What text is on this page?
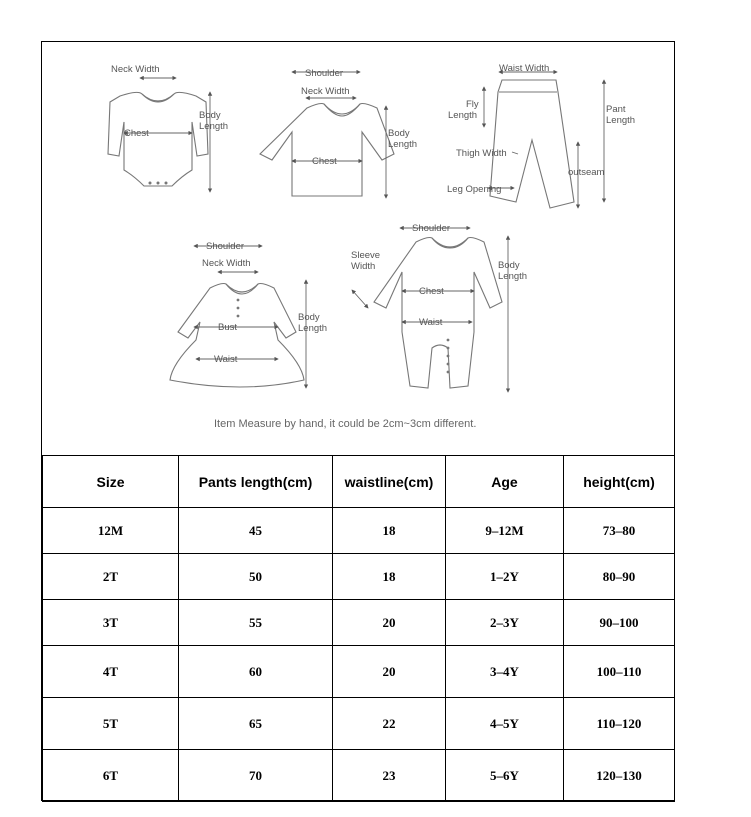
Neck Width
Chest
Body
Length
Shoulder
Neck Width
Chest
Body
Length
Waist Width
Fly
Length
Pant
Length
Thigh Width
outseam
Leg Opening
Shoulder
Neck Width
Bust
Waist
Body
Length
Shoulder
Sleeve
Width
Chest
Waist
Body
Length
Item Measure by hand, it could be 2cm~3cm different.
Size	Pants length(cm)	waistline(cm)	Age	height(cm)
12M	45	18	9–12M	73–80
2T	50	18	1–2Y	80–90
3T	55	20	2–3Y	90–100
4T	60	20	3–4Y	100–110
5T	65	22	4–5Y	110–120
6T	70	23	5–6Y	120–130
